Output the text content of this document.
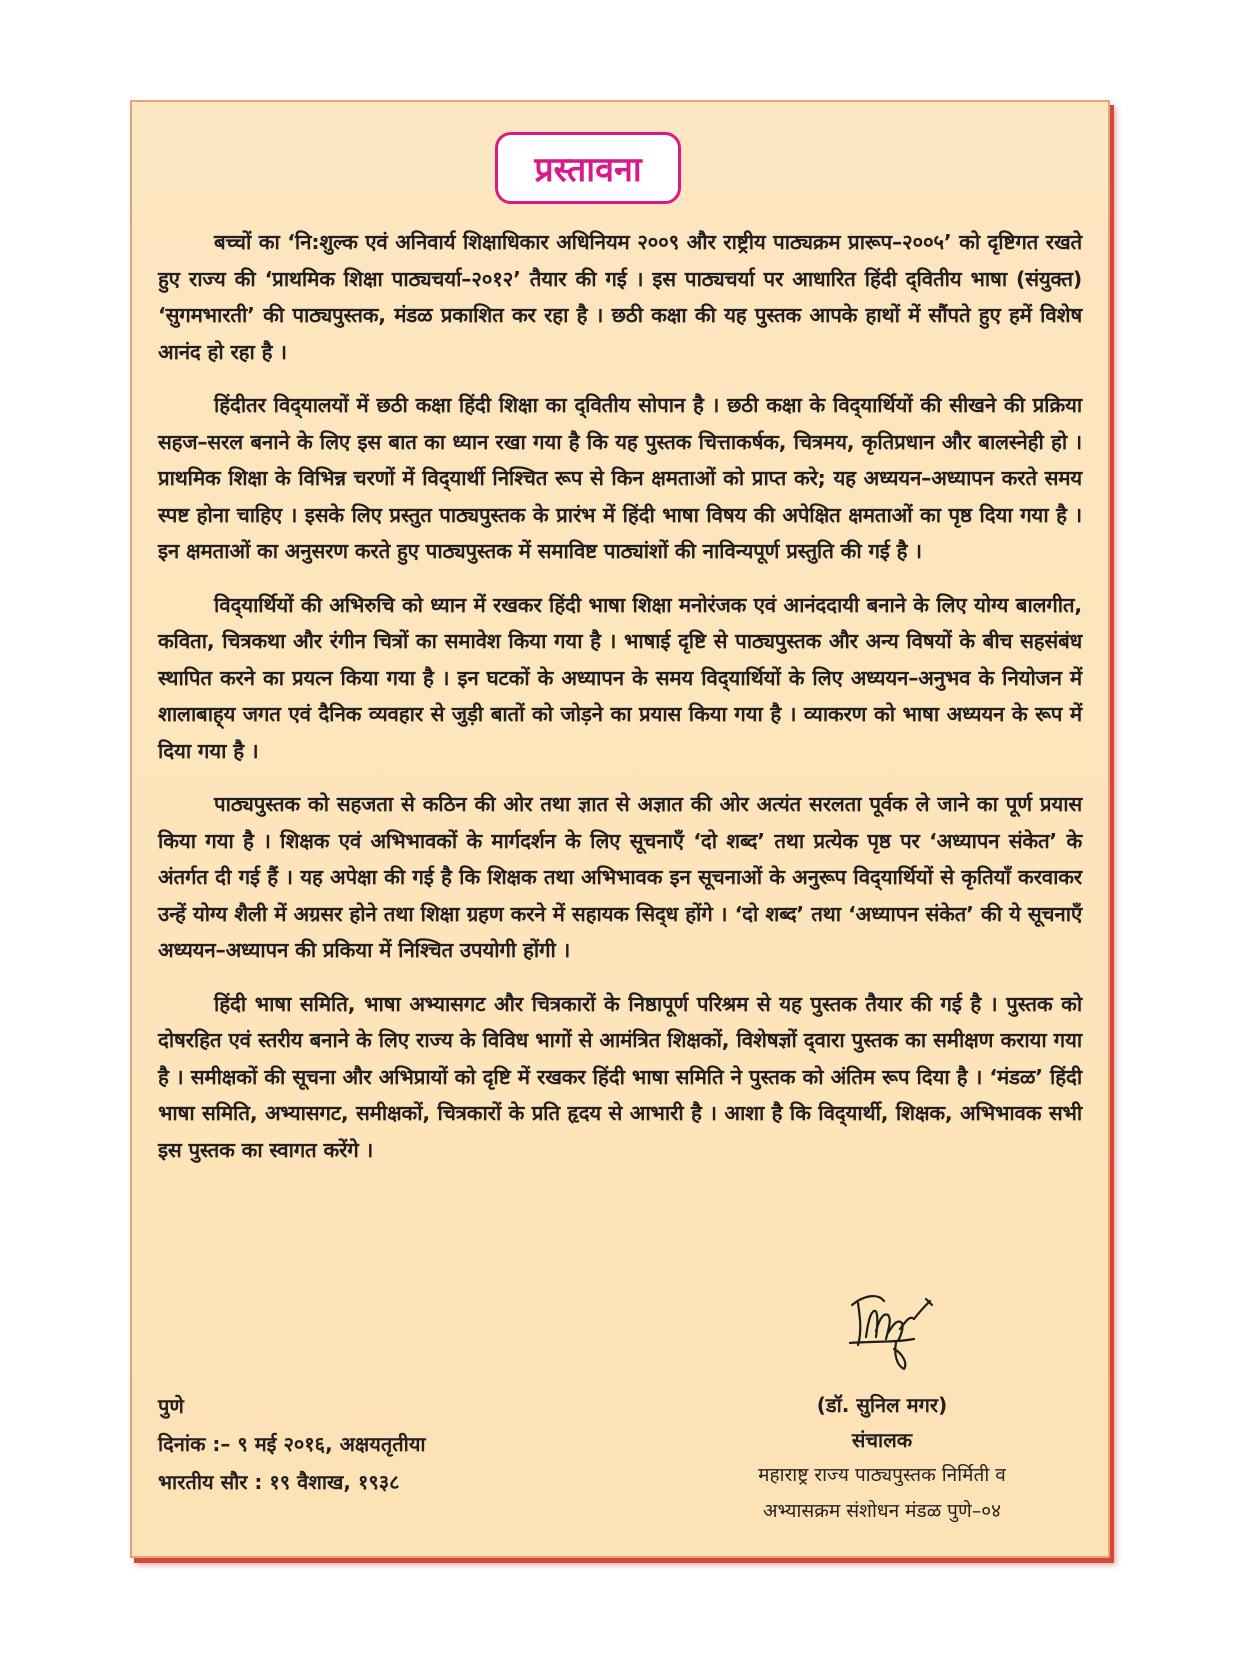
प्रस्तावना

बच्चों का ‘नि:शुल्क एवं अनिवार्य शिक्षाधिकार अधिनियम २००९ और राष्ट्रीय पाठ्यक्रम प्रारूप–२००५’ को दृष्टिगत रखते हुए राज्य की ‘प्राथमिक शिक्षा पाठ्यचर्या–२०१२’ तैयार की गई । इस पाठ्यचर्या पर आधारित हिंदी द्‌वितीय भाषा (संयुक्त) ‘सुगमभारती’ की पाठ्यपुस्तक, मंडळ प्रकाशित कर रहा है । छठी कक्षा की यह पुस्तक आपके हाथों में सौंपते हुए हमें विशेष आनंद हो रहा है ।

हिंदीतर विद्‌यालयों में छठी कक्षा हिंदी शिक्षा का द्‌वितीय सोपान है । छठी कक्षा के विद्‌यार्थियों की सीखने की प्रक्रिया सहज–सरल बनाने के लिए इस बात का ध्यान रखा गया है कि यह पुस्तक चित्ताकर्षक, चित्रमय, कृतिप्रधान और बालस्नेही हो । प्राथमिक शिक्षा के विभिन्न चरणों में विद्‌यार्थी निश्चित रूप से किन क्षमताओं को प्राप्त करे; यह अध्ययन–अध्यापन करते समय स्पष्ट होना चाहिए । इसके लिए प्रस्तुत पाठ्यपुस्तक के प्रारंभ में हिंदी भाषा विषय की अपेक्षित क्षमताओं का पृष्ठ दिया गया है । इन क्षमताओं का अनुसरण करते हुए पाठ्यपुस्तक में समाविष्ट पाठ्यांशों की नाविन्यपूर्ण प्रस्तुति की गई है ।

विद्‌यार्थियों की अभिरुचि को ध्यान में रखकर हिंदी भाषा शिक्षा मनोरंजक एवं आनंददायी बनाने के लिए योग्य बालगीत, कविता, चित्रकथा और रंगीन चित्रों का समावेश किया गया है । भाषाई दृष्टि से पाठ्यपुस्तक और अन्य विषयों के बीच सहसंबंध स्थापित करने का प्रयत्न किया गया है । इन घटकों के अध्यापन के समय विद्‌यार्थियों के लिए अध्ययन–अनुभव के नियोजन में शालाबाह्‌य जगत एवं दैनिक व्यवहार से जुड़ी बातों को जोड़ने का प्रयास किया गया है । व्याकरण को भाषा अध्ययन के रूप में दिया गया है ।

पाठ्यपुस्तक को सहजता से कठिन की ओर तथा ज्ञात से अज्ञात की ओर अत्यंत सरलता पूर्वक ले जाने का पूर्ण प्रयास किया गया है । शिक्षक एवं अभिभावकों के मार्गदर्शन के लिए सूचनाएँ ‘दो शब्द’ तथा प्रत्येक पृष्ठ पर ‘अध्यापन संकेत’ के अंतर्गत दी गई हैं । यह अपेक्षा की गई है कि शिक्षक तथा अभिभावक इन सूचनाओं के अनुरूप विद्‌यार्थियों से कृतियाँ करवाकर उन्हें योग्य शैली में अग्रसर होने तथा शिक्षा ग्रहण करने में सहायक सिद्‌ध होंगे । ‘दो शब्द’ तथा ‘अध्यापन संकेत’ की ये सूचनाएँ अध्ययन–अध्यापन की प्रकिया में निश्चित उपयोगी होंगी ।

हिंदी भाषा समिति, भाषा अभ्यासगट और चित्रकारों के निष्ठापूर्ण परिश्रम से यह पुस्तक तैयार की गई है । पुस्तक को दोषरहित एवं स्तरीय बनाने के लिए राज्य के विविध भागों से आमंत्रित शिक्षकों, विशेषज्ञों द्‌वारा पुस्तक का समीक्षण कराया गया है । समीक्षकों की सूचना और अभिप्रायों को दृष्टि में रखकर हिंदी भाषा समिति ने पुस्तक को अंतिम रूप दिया है । ‘मंडळ’ हिंदी भाषा समिति, अभ्यासगट, समीक्षकों, चित्रकारों के प्रति हृदय से आभारी है । आशा है कि विद्‌यार्थी, शिक्षक, अभिभावक सभी इस पुस्तक का स्वागत करेंगे ।

पुणे
दिनांक :– ९ मई २०१६, अक्षयतृतीया
भारतीय सौर : १९ वैशाख, १९३८
(डॉ. सुनिल मगर)
संचालक
महाराष्ट्र राज्य पाठ्यपुस्तक निर्मिती व
अभ्यासक्रम संशोधन मंडळ पुणे–०४
